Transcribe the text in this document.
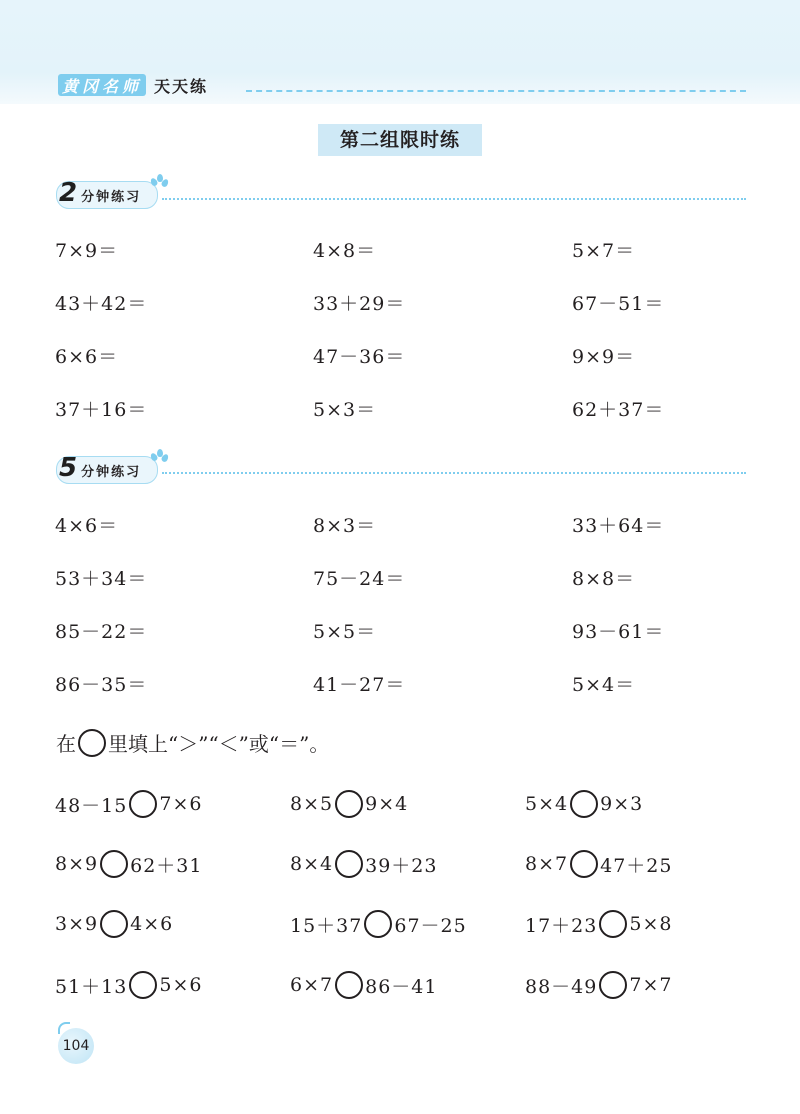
黄冈名师 天天练
第二组限时练
2 分钟练习
7×9＝	4×8＝	5×7＝
43＋42＝	33＋29＝	67－51＝
6×6＝	47－36＝	9×9＝
37＋16＝	5×3＝	62＋37＝
5 分钟练习
4×6＝	8×3＝	33＋64＝
53＋34＝	75－24＝	8×8＝
85－22＝	5×5＝	93－61＝
86－35＝	41－27＝	5×4＝
在 里填上“＞”“＜”或“＝”。
48－15 7×6	8×5 9×4	5×4 9×3
8×9 62＋31	8×4 39＋23	8×7 47＋25
3×9 4×6	15＋37 67－25	17＋23 5×8
51＋13 5×6	6×7 86－41	88－49 7×7
104
